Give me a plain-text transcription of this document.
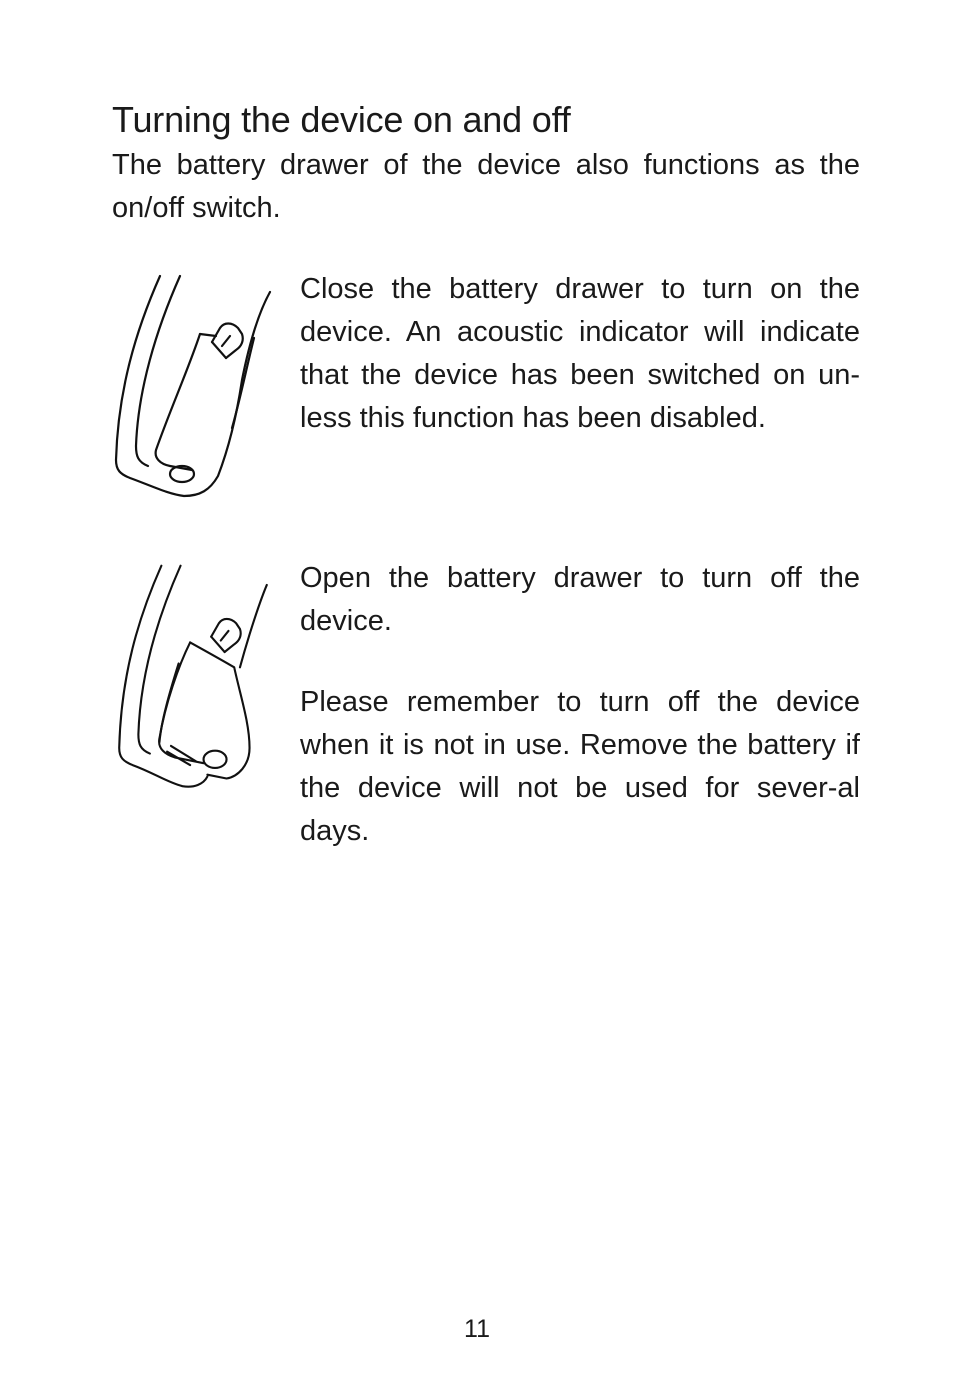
Turning the device on and off

The battery drawer of the device also functions as the on/off switch.

Close the battery drawer to turn on the device. An acoustic indicator will indicate that the device has been switched on un-less this function has been disabled.

Open the battery drawer to turn off the device.

Please remember to turn off the device when it is not in use. Remove the battery if the device will not be used for sever-al days.

11
